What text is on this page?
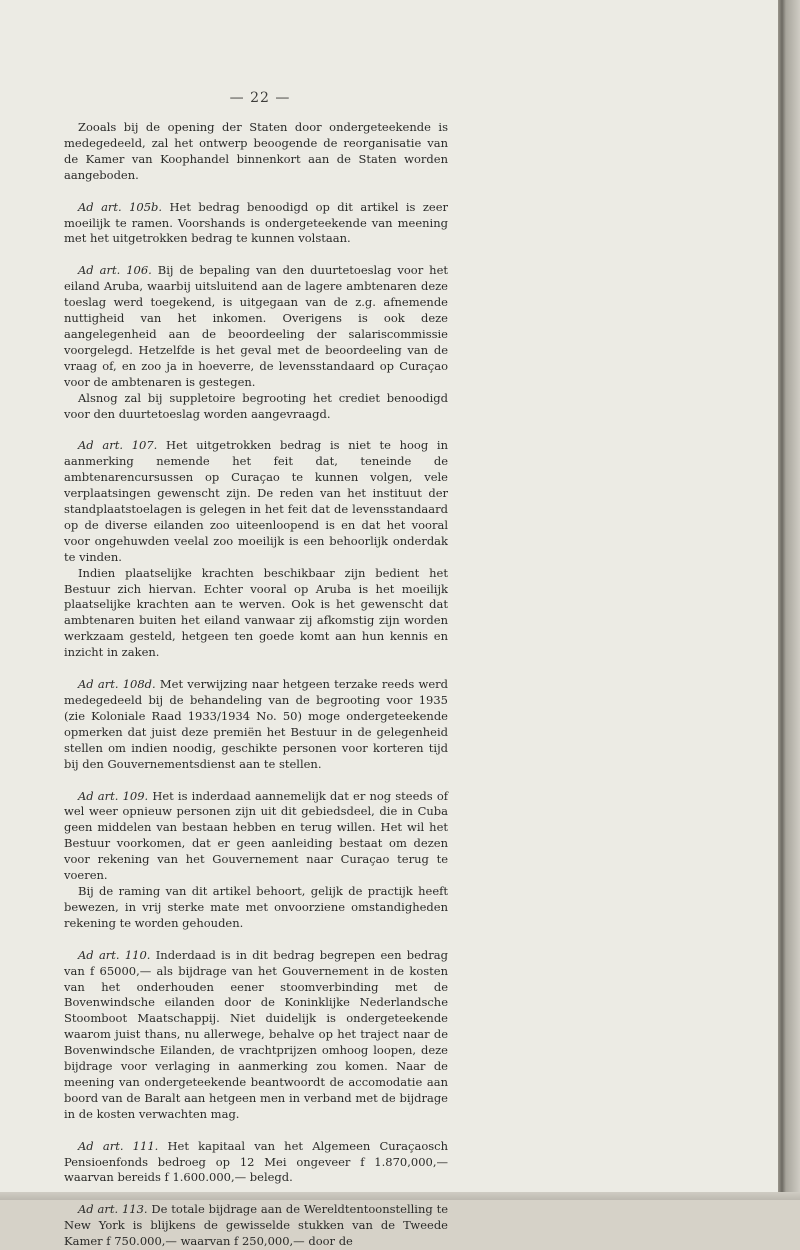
— 22 —

Zooals bij de opening der Staten door ondergeteekende is medegedeeld, zal het ontwerp beoogende de reorganisatie van de Kamer van Koophandel binnenkort aan de Staten worden aangeboden.

Ad art. 105b. Het bedrag benoodigd op dit artikel is zeer moeilijk te ramen. Voorshands is ondergeteekende van meening met het uitgetrokken bedrag te kunnen volstaan.

Ad art. 106. Bij de bepaling van den duurtetoeslag voor het eiland Aruba, waarbij uitsluitend aan de lagere ambtenaren deze toeslag werd toegekend, is uitgegaan van de z.g. afnemende nuttigheid van het inkomen. Overigens is ook deze aangelegenheid aan de beoordeeling der salariscommissie voorgelegd. Hetzelfde is het geval met de beoordeeling van de vraag of, en zoo ja in hoeverre, de levensstandaard op Curaçao voor de ambtenaren is gestegen.

Alsnog zal bij suppletoire begrooting het crediet benoodigd voor den duurtetoeslag worden aangevraagd.

Ad art. 107. Het uitgetrokken bedrag is niet te hoog in aanmerking nemende het feit dat, teneinde de ambtenarencursussen op Curaçao te kunnen volgen, vele verplaatsingen gewenscht zijn. De reden van het instituut der standplaatstoelagen is gelegen in het feit dat de levensstandaard op de diverse eilanden zoo uiteenloopend is en dat het vooral voor ongehuwden veelal zoo moeilijk is een behoorlijk onderdak te vinden.

Indien plaatselijke krachten beschikbaar zijn bedient het Bestuur zich hiervan. Echter vooral op Aruba is het moeilijk plaatselijke krachten aan te werven. Ook is het gewenscht dat ambtenaren buiten het eiland vanwaar zij afkomstig zijn worden werkzaam gesteld, hetgeen ten goede komt aan hun kennis en inzicht in zaken.

Ad art. 108d. Met verwijzing naar hetgeen terzake reeds werd medegedeeld bij de behandeling van de begrooting voor 1935 (zie Koloniale Raad 1933/1934 No. 50) moge ondergeteekende opmerken dat juist deze premiën het Bestuur in de gelegenheid stellen om indien noodig, geschikte personen voor korteren tijd bij den Gouvernementsdienst aan te stellen.

Ad art. 109. Het is inderdaad aannemelijk dat er nog steeds of wel weer opnieuw personen zijn uit dit gebiedsdeel, die in Cuba geen middelen van bestaan hebben en terug willen. Het wil het Bestuur voorkomen, dat er geen aanleiding bestaat om dezen voor rekening van het Gouvernement naar Curaçao terug te voeren.

Bij de raming van dit artikel behoort, gelijk de practijk heeft bewezen, in vrij sterke mate met onvoorziene omstandigheden rekening te worden gehouden.

Ad art. 110. Inderdaad is in dit bedrag begrepen een bedrag van f 65000,— als bijdrage van het Gouvernement in de kosten van het onderhouden eener stoomverbinding met de Bovenwindsche eilanden door de Koninklijke Nederlandsche Stoomboot Maatschappij. Niet duidelijk is ondergeteekende waarom juist thans, nu allerwege, behalve op het traject naar de Bovenwindsche Eilanden, de vrachtprijzen omhoog loopen, deze bijdrage voor verlaging in aanmerking zou komen. Naar de meening van ondergeteekende beantwoordt de accomodatie aan boord van de Baralt aan hetgeen men in verband met de bijdrage in de kosten verwachten mag.

Ad art. 111. Het kapitaal van het Algemeen Curaçaosch Pensioenfonds bedroeg op 12 Mei ongeveer f 1.870,000,— waarvan bereids f 1.600.000,— belegd.

Ad art. 113. De totale bijdrage aan de Wereldtentoonstelling te New York is blijkens de gewisselde stukken van de Tweede Kamer f 750.000,— waarvan f 250,000,— door de
